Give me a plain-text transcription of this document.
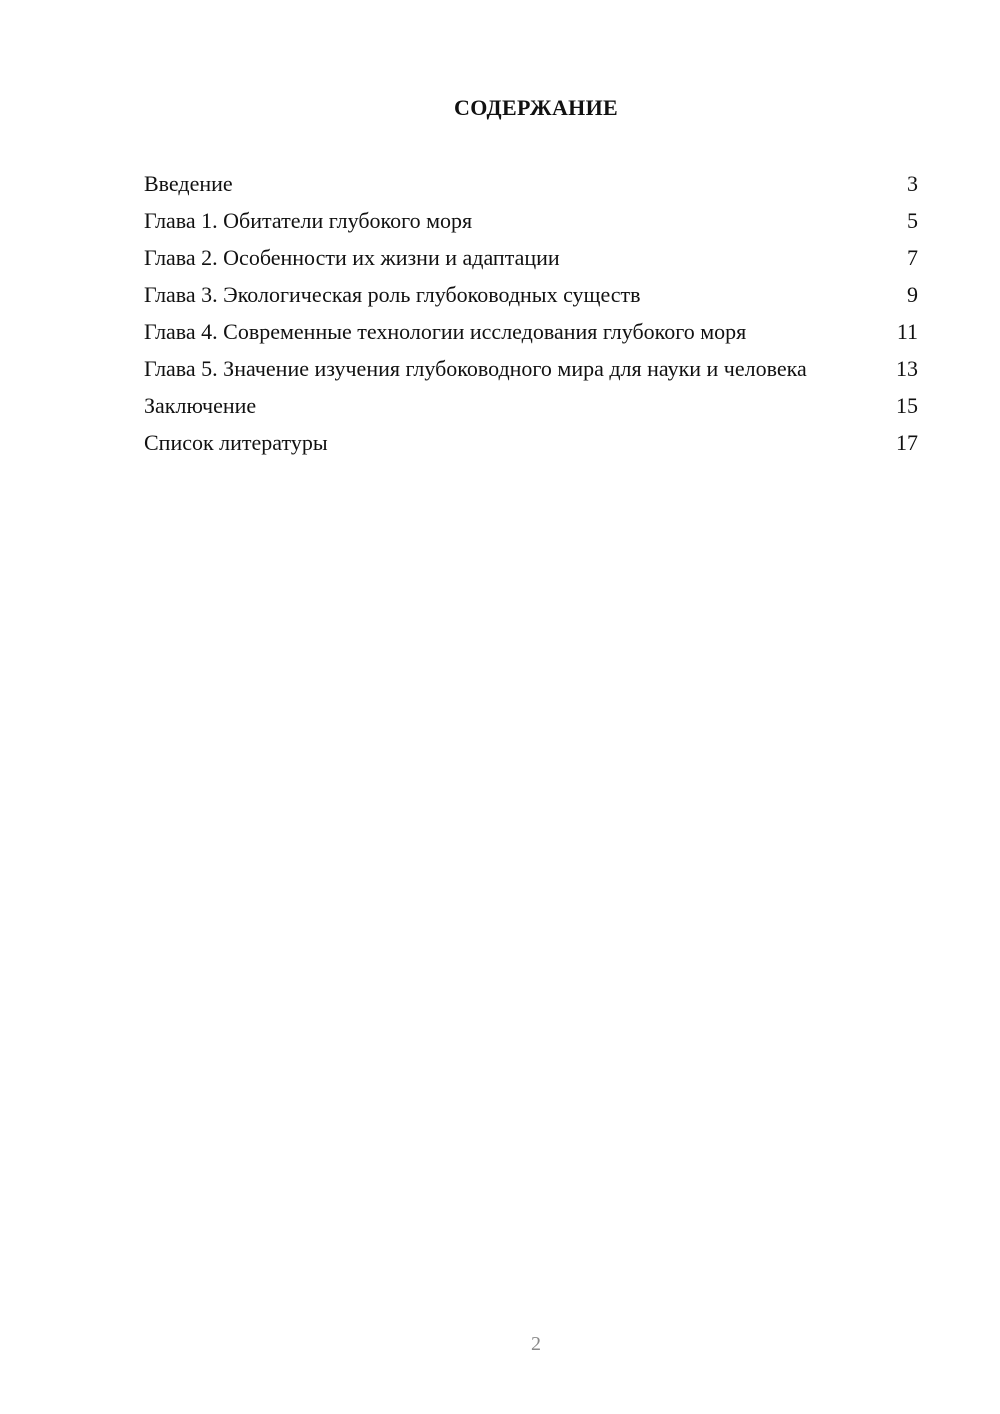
СОДЕРЖАНИЕ
Введение	3
Глава 1. Обитатели глубокого моря	5
Глава 2. Особенности их жизни и адаптации	7
Глава 3. Экологическая роль глубоководных существ	9
Глава 4. Современные технологии исследования глубокого моря	11
Глава 5. Значение изучения глубоководного мира для науки и человека	13
Заключение	15
Список литературы	17
2
